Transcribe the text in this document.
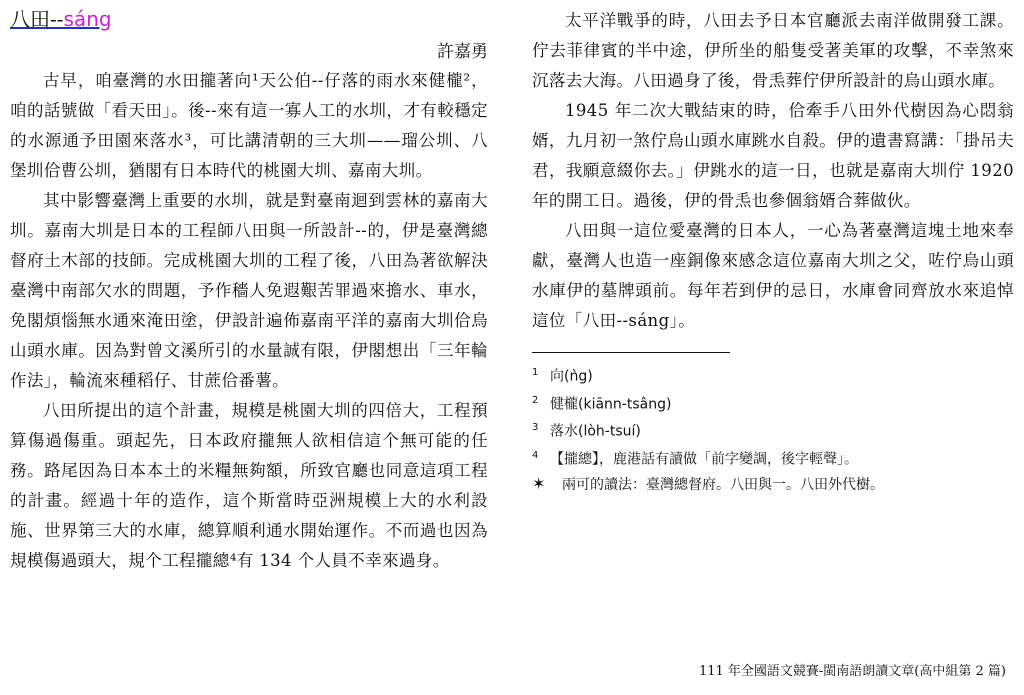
八田--sáng
許嘉勇

古早，咱臺灣的水田攏著向¹天公伯--仔落的雨水來健櫳²，咱的話號做「看天田」。後--來有這一寡人工的水圳，才有較穩定的水源通予田園來落水³，可比講清朝的三大圳——瑠公圳、八堡圳佮曹公圳，猶閣有日本時代的桃園大圳、嘉南大圳。

其中影響臺灣上重要的水圳，就是對臺南迴到雲林的嘉南大圳。嘉南大圳是日本的工程師八田與一所設計--的，伊是臺灣總督府土木部的技師。完成桃園大圳的工程了後，八田為著欲解決臺灣中南部欠水的問題，予作穡人免遐艱苦罪過來擔水、車水，免閣煩惱無水通來淹田塗，伊設計遍佈嘉南平洋的嘉南大圳佮烏山頭水庫。因為對曾文溪所引的水量誠有限，伊閣想出「三年輪作法」，輪流來種稻仔、甘蔗佮番薯。

八田所提出的這个計畫，規模是桃園大圳的四倍大，工程預算傷過傷重。頭起先，日本政府攏無人欲相信這个無可能的任務。路尾因為日本本土的米糧無夠額，所致官廳也同意這項工程的計畫。經過十年的造作，這个斯當時亞洲規模上大的水利設施、世界第三大的水庫，總算順利通水開始運作。不而過也因為規模傷過頭大，規个工程攏總⁴有 134 个人員不幸來過身。

太平洋戰爭的時，八田去予日本官廳派去南洋做開發工課。佇去菲律賓的半中途，伊所坐的船隻受著美軍的攻擊，不幸煞來沉落去大海。八田過身了後，骨𤆬葬佇伊所設計的烏山頭水庫。

1945 年二次大戰結束的時，佮牽手八田外代樹因為心悶翁婿，九月初一煞佇烏山頭水庫跳水自殺。伊的遺書寫講：「掛吊夫君，我願意綴你去。」伊跳水的這一日，也就是嘉南大圳佇 1920 年的開工日。過後，伊的骨𤆬也參個翁婿合葬做伙。

八田與一這位愛臺灣的日本人，一心為著臺灣這塊土地來奉獻，臺灣人也造一座銅像來感念這位嘉南大圳之父，咗佇烏山頭水庫伊的墓牌頭前。每年若到伊的忌日，水庫會同齊放水來追悼這位「八田--sáng」。

1 向(ǹg)
2 健櫳(kiānn-tsâng)
3 落水(lòh-tsuí)
4 【攏總】，鹿港話有讀做「前字變調，後字輕聲」。
✶ 兩可的讀法：臺灣總督府。八田與一。八田外代樹。
111 年全國語文競賽-閩南語朗讀文章(高中組第 2 篇)
